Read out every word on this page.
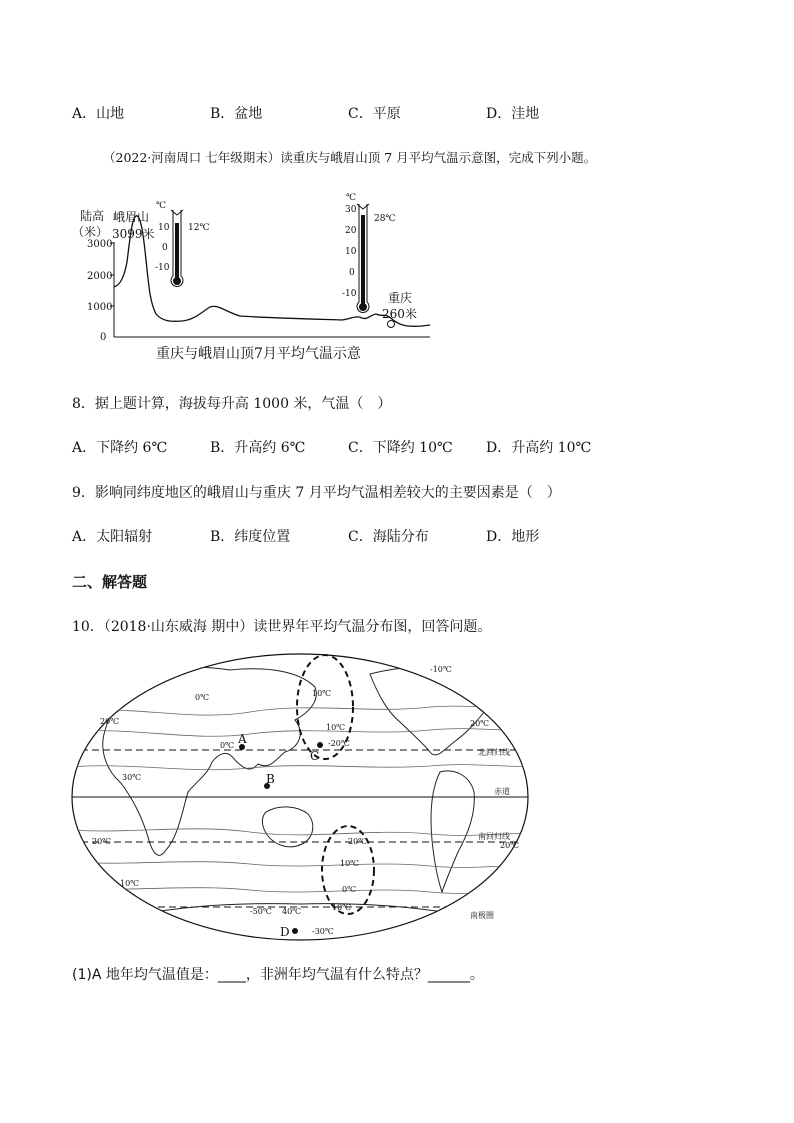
A．山地	B．盆地	C．平原	D．洼地
（2022·河南周口 七年级期末）读重庆与峨眉山顶 7 月平均气温示意图，完成下列小题。
陆高
（米）
3000
2000
1000
0
峨眉山
3099米
重庆
260米
℃
10
0
-10
12℃
℃
30
20
10
0
-10
28℃
重庆与峨眉山顶7月平均气温示意
8．据上题计算，海拔每升高 1000 米，气温（　）
A．下降约 6℃	B．升高约 6℃	C．下降约 10℃ D．升高约 10℃
9．影响同纬度地区的峨眉山与重庆 7 月平均气温相差较大的主要因素是（　）
A．太阳辐射	B．纬度位置	C．海陆分布	D．地形
二、解答题
10．（2018·山东威海 期中）读世界年平均气温分布图，回答问题。
北回归线
赤道
南回归线
南极圈
0℃
0℃
10℃
10℃
20℃	20℃
30℃
-20℃
-10℃
20℃	20℃
10℃
10℃
0℃
10℃
20℃
-50℃ 40℃
-30℃
A
B
C
D
(1)A 地年均气温值是：____，非洲年均气温有什么特点？______。
